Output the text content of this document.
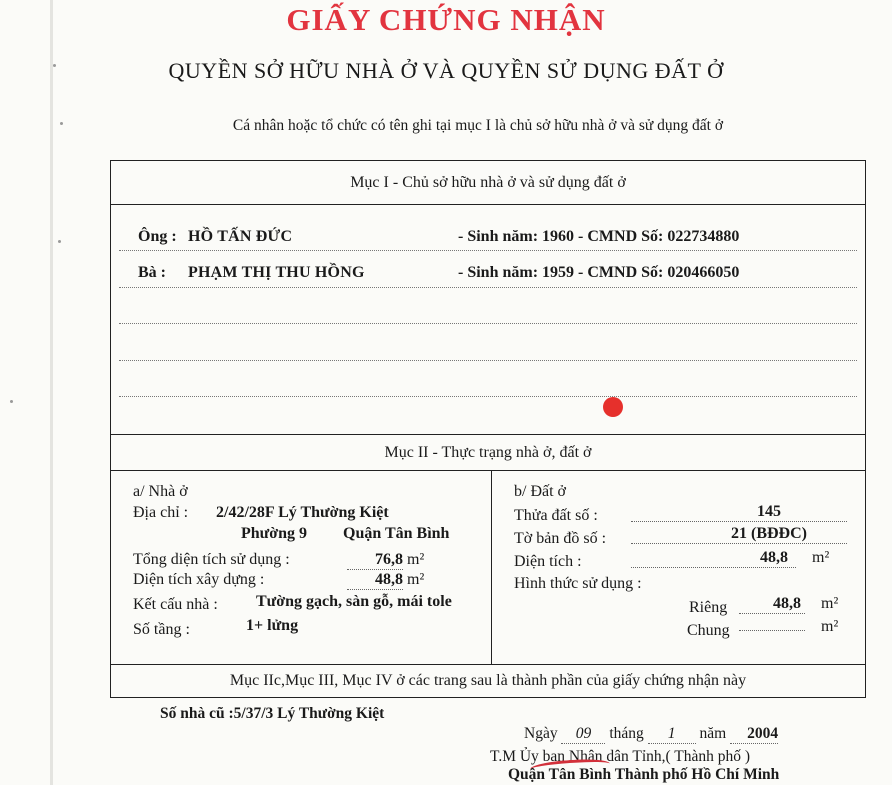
GIẤY CHỨNG NHẬN
QUYỀN SỞ HỮU NHÀ Ở VÀ QUYỀN SỬ DỤNG ĐẤT Ở
Cá nhân hoặc tổ chức có tên ghi tại mục I là chủ sở hữu nhà ở và sử dụng đất ở
Mục I - Chủ sở hữu nhà ở và sử dụng đất ở
Ông : HỒ TẤN ĐỨC	- Sinh năm: 1960 - CMND Số: 022734880
Bà : PHẠM THỊ THU HỒNG	- Sinh năm: 1959 - CMND Số: 020466050
Mục II - Thực trạng nhà ở, đất ở
a/ Nhà ở
Địa chỉ : 2/42/28F Lý Thường Kiệt
Phường 9 Quận Tân Bình
Tổng diện tích sử dụng :	76,8 m²
Diện tích xây dựng :	48,8 m²
Kết cấu nhà : Tường gạch, sàn gỗ, mái tole
Số tầng :	1+ lửng
b/ Đất ở
Thửa đất số :	145
Tờ bản đồ số :	21 (BĐĐC)
Diện tích :	48,8 m²
Hình thức sử dụng :
Riêng	48,8 m²
Chung	m²
Mục IIc,Mục III, Mục IV ở các trang sau là thành phần của giấy chứng nhận này
Số nhà cũ :5/37/3 Lý Thường Kiệt
Ngày 09 tháng 1 năm 2004
T.M Ủy ban Nhân dân Tỉnh,( Thành phố )
Quận Tân Bình Thành phố Hồ Chí Minh
